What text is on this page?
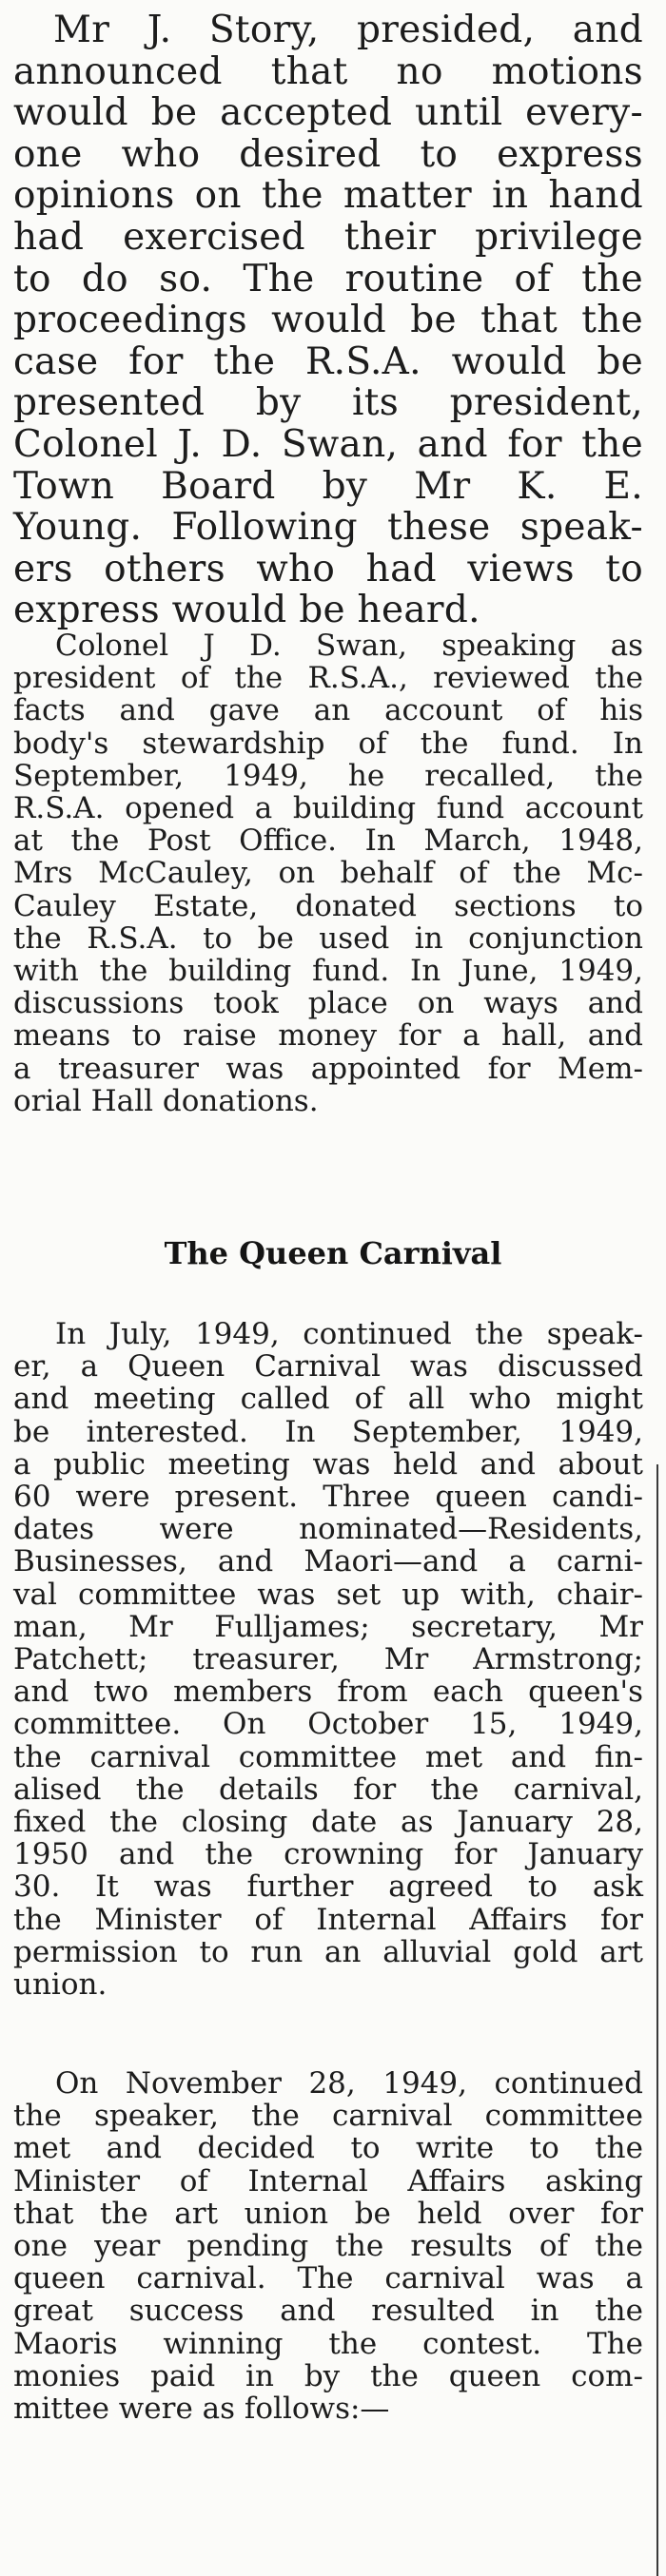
Mr J. Story, presided, and
announced that no motions
would be accepted until every-
one who desired to express
opinions on the matter in hand
had exercised their privilege
to do so. The routine of the
proceedings would be that the
case for the R.S.A. would be
presented by its president,
Colonel J. D. Swan, and for the
Town Board by Mr K. E.
Young. Following these speak-
ers others who had views to
express would be heard.

Colonel J D. Swan, speaking as
president of the R.S.A., reviewed the
facts and gave an account of his
body's stewardship of the fund. In
September, 1949, he recalled, the
R.S.A. opened a building fund account
at the Post Office. In March, 1948,
Mrs McCauley, on behalf of the Mc-
Cauley Estate, donated sections to
the R.S.A. to be used in conjunction
with the building fund. In June, 1949,
discussions took place on ways and
means to raise money for a hall, and
a treasurer was appointed for Mem-
orial Hall donations.

The Queen Carnival

In July, 1949, continued the speak-
er, a Queen Carnival was discussed
and meeting called of all who might
be interested. In September, 1949,
a public meeting was held and about
60 were present. Three queen candi-
dates were nominated—Residents,
Businesses, and Maori—and a carni-
val committee was set up with, chair-
man, Mr Fulljames; secretary, Mr
Patchett; treasurer, Mr Armstrong;
and two members from each queen's
committee. On October 15, 1949,
the carnival committee met and fin-
alised the details for the carnival,
fixed the closing date as January 28,
1950 and the crowning for January
30. It was further agreed to ask
the Minister of Internal Affairs for
permission to run an alluvial gold art
union.

On November 28, 1949, continued
the speaker, the carnival committee
met and decided to write to the
Minister of Internal Affairs asking
that the art union be held over for
one year pending the results of the
queen carnival. The carnival was a
great success and resulted in the
Maoris winning the contest. The
monies paid in by the queen com-
mittee were as follows:—
